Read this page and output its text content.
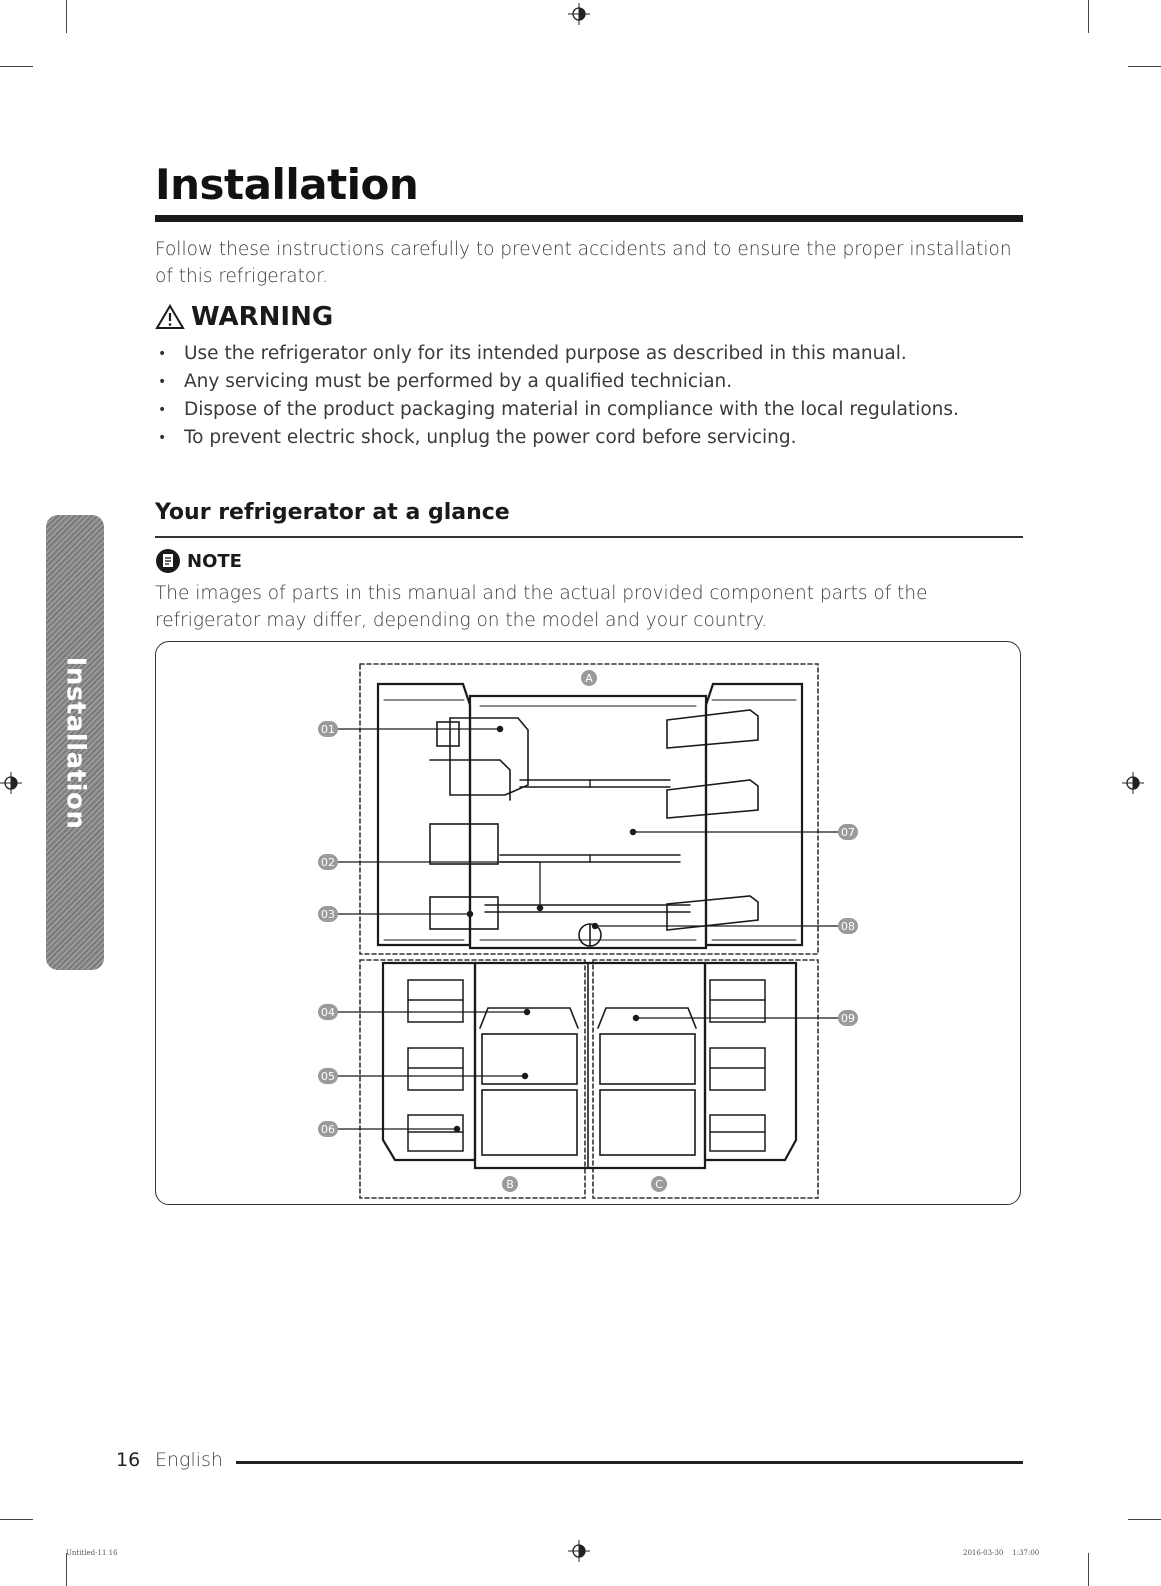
Installation
Installation
Follow these instructions carefully to prevent accidents and to ensure the proper installation of this refrigerator.
WARNING
• Use the refrigerator only for its intended purpose as described in this manual.
• Any servicing must be performed by a qualified technician.
• Dispose of the product packaging material in compliance with the local regulations.
• To prevent electric shock, unplug the power cord before servicing.
Your refrigerator at a glance
NOTE
The images of parts in this manual and the actual provided component parts of the refrigerator may differ, depending on the model and your country.
01
02
03
04
05
06
07
08
09
A
B	C
16 English
Untitled-11 16	2016-03-30    1:37:00
